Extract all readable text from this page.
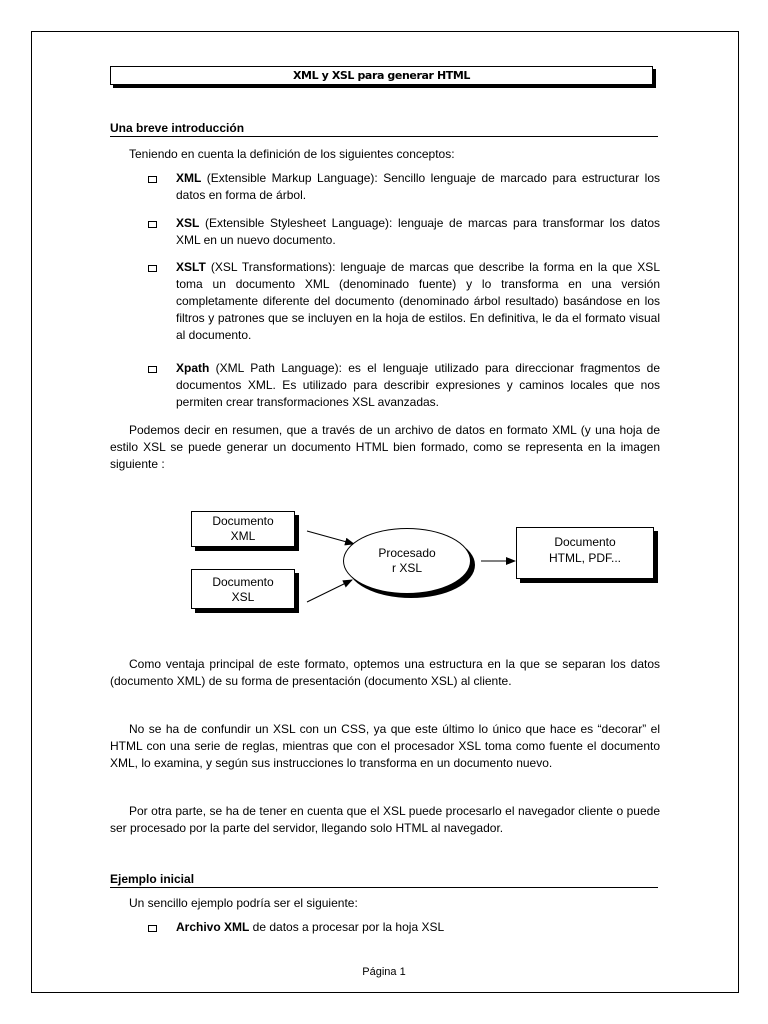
XML y XSL para generar HTML
Una breve introducción
Teniendo en cuenta la definición de los siguientes conceptos:
XML (Extensible Markup Language): Sencillo lenguaje de marcado para estructurar los datos en forma de árbol.
XSL (Extensible Stylesheet Language): lenguaje de marcas para transformar los datos XML en un nuevo documento.
XSLT (XSL Transformations): lenguaje de marcas que describe la forma en la que XSL toma un documento XML (denominado fuente) y lo transforma en una versión completamente diferente del documento (denominado árbol resultado) basándose en los filtros y patrones que se incluyen en la hoja de estilos. En definitiva, le da el formato visual al documento.
Xpath (XML Path Language): es el lenguaje utilizado para direccionar fragmentos de documentos XML. Es utilizado para describir expresiones y caminos locales que nos permiten crear transformaciones XSL avanzadas.
Podemos decir en resumen, que a través de un archivo de datos en formato XML (y una hoja de estilo XSL se puede generar un documento HTML bien formado, como se representa en la imagen siguiente :
Documento
XML
Documento
XSL
Procesado
r XSL
Documento
HTML, PDF...
Como ventaja principal de este formato, optemos una estructura en la que se separan los datos (documento XML) de su forma de presentación (documento XSL) al cliente.
No se ha de confundir un XSL con un CSS, ya que este último lo único que hace es “decorar” el HTML con una serie de reglas, mientras que con el procesador XSL toma como fuente el documento XML, lo examina, y según sus instrucciones lo transforma en un documento nuevo.
Por otra parte, se ha de tener en cuenta que el XSL puede procesarlo el navegador cliente o puede ser procesado por la parte del servidor, llegando solo HTML al navegador.
Ejemplo inicial
Un sencillo ejemplo podría ser el siguiente:
Archivo XML de datos a procesar por la hoja XSL
Página 1
